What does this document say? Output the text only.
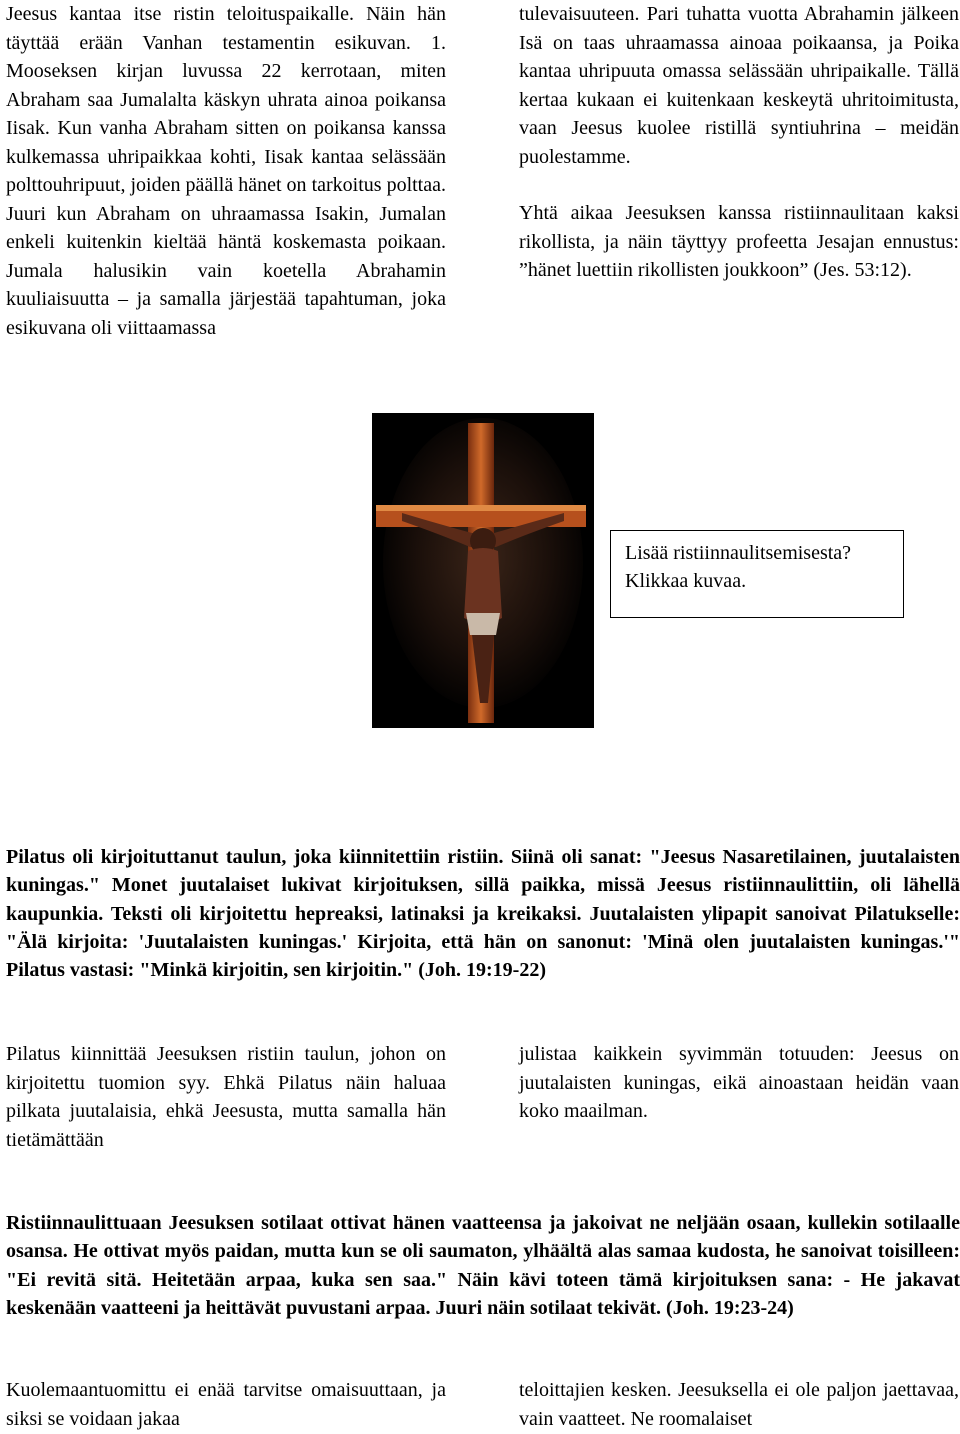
Jeesus kantaa itse ristin teloituspaikalle. Näin hän täyttää erään Vanhan testamentin esikuvan. 1. Mooseksen kirjan luvussa 22 kerrotaan, miten Abraham saa Jumalalta käskyn uhrata ainoa poikansa Iisak. Kun vanha Abraham sitten on poikansa kanssa kulkemassa uhripaikkaa kohti, Iisak kantaa selässään polttouhripuut, joiden päällä hänet on tarkoitus polttaa. Juuri kun Abraham on uhraamassa Isakin, Jumalan enkeli kuitenkin kieltää häntä koskemasta poikaan. Jumala halusikin vain koetella Abrahamin kuuliaisuutta – ja samalla järjestää tapahtuman, joka esikuvana oli viittaamassa

tulevaisuuteen. Pari tuhatta vuotta Abrahamin jälkeen Isä on taas uhraamassa ainoaa poikaansa, ja Poika kantaa uhripuuta omassa selässään uhripaikalle. Tällä kertaa kukaan ei kuitenkaan keskeytä uhritoimitusta, vaan Jeesus kuolee ristillä syntiuhrina – meidän puolestamme.

Yhtä aikaa Jeesuksen kanssa ristiinnaulitaan kaksi rikollista, ja näin täyttyy profeetta Jesajan ennustus: ”hänet luettiin rikollisten joukkoon” (Jes. 53:12).

Lisää ristiinnaulitsemisesta?
Klikkaa kuvaa.

Pilatus oli kirjoituttanut taulun, joka kiinnitettiin ristiin. Siinä oli sanat: "Jeesus Nasaretilainen, juutalaisten kuningas." Monet juutalaiset lukivat kirjoituksen, sillä paikka, missä Jeesus ristiinnaulittiin, oli lähellä kaupunkia. Teksti oli kirjoitettu hepreaksi, latinaksi ja kreikaksi. Juutalaisten ylipapit sanoivat Pilatukselle: "Älä kirjoita: 'Juutalaisten kuningas.' Kirjoita, että hän on sanonut: 'Minä olen juutalaisten kuningas.'" Pilatus vastasi: "Minkä kirjoitin, sen kirjoitin." (Joh. 19:19-22)

Pilatus kiinnittää Jeesuksen ristiin taulun, johon on kirjoitettu tuomion syy. Ehkä Pilatus näin haluaa pilkata juutalaisia, ehkä Jeesusta, mutta samalla hän tietämättään

julistaa kaikkein syvimmän totuuden: Jeesus on juutalaisten kuningas, eikä ainoastaan heidän vaan koko maailman.

Ristiinnaulittuaan Jeesuksen sotilaat ottivat hänen vaatteensa ja jakoivat ne neljään osaan, kullekin sotilaalle osansa. He ottivat myös paidan, mutta kun se oli saumaton, ylhäältä alas samaa kudosta, he sanoivat toisilleen: "Ei revitä sitä. Heitetään arpaa, kuka sen saa." Näin kävi toteen tämä kirjoituksen sana: - He jakavat keskenään vaatteeni ja heittävät puvustani arpaa. Juuri näin sotilaat tekivät. (Joh. 19:23-24)

Kuolemaantuomittu ei enää tarvitse omaisuuttaan, ja siksi se voidaan jakaa

teloittajien kesken. Jeesuksella ei ole paljon jaettavaa, vain vaatteet. Ne roomalaiset
